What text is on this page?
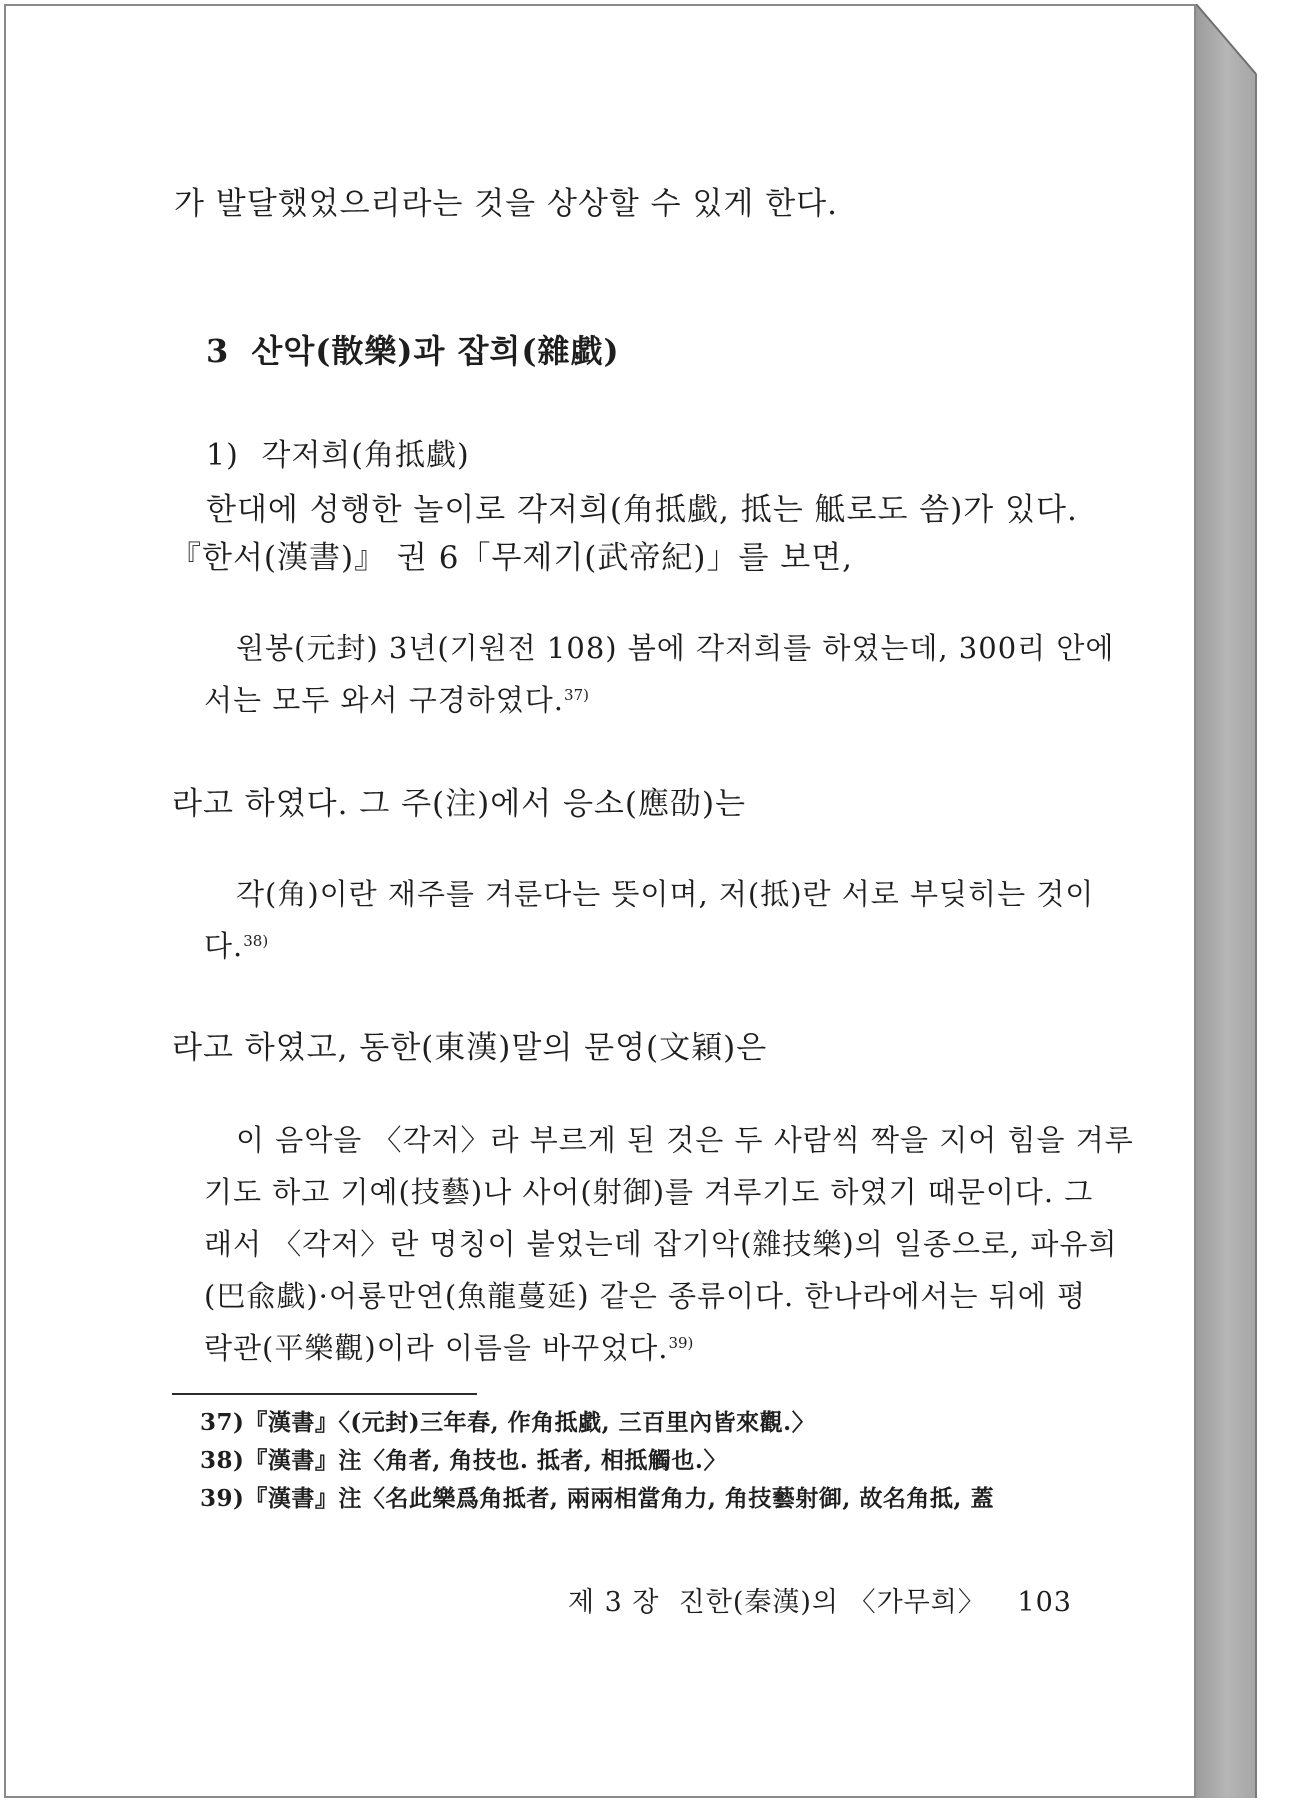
가 발달했었으리라는 것을 상상할 수 있게 한다.
3 산악(散樂)과 잡희(雜戱)
1) 각저희(角抵戱)
한대에 성행한 놀이로 각저희(角抵戱, 抵는 觝로도 씀)가 있다.
『한서(漢書)』 권 6「무제기(武帝紀)」를 보면,
원봉(元封) 3년(기원전 108) 봄에 각저희를 하였는데, 300리 안에
서는 모두 와서 구경하였다.$^{37)}$
라고 하였다. 그 주(注)에서 응소(應劭)는
각(角)이란 재주를 겨룬다는 뜻이며, 저(抵)란 서로 부딪히는 것이
다.$^{38)}$
라고 하였고, 동한(東漢)말의 문영(文穎)은
이 음악을 〈각저〉라 부르게 된 것은 두 사람씩 짝을 지어 힘을 겨루
기도 하고 기예(技藝)나 사어(射御)를 겨루기도 하였기 때문이다. 그
래서 〈각저〉란 명칭이 붙었는데 잡기악(雜技樂)의 일종으로, 파유희
(巴兪戱)·어룡만연(魚龍蔓延) 같은 종류이다. 한나라에서는 뒤에 평
락관(平樂觀)이라 이름을 바꾸었다.$^{39)}$
37)『漢書』〈(元封)三年春, 作角抵戱, 三百里內皆來觀.〉
38)『漢書』注〈角者, 角技也. 抵者, 相抵觸也.〉
39)『漢書』注〈名此樂爲角抵者, 兩兩相當角力, 角技藝射御, 故名角抵, 蓋
제 3 장  진한(秦漢)의 〈가무희〉 103
